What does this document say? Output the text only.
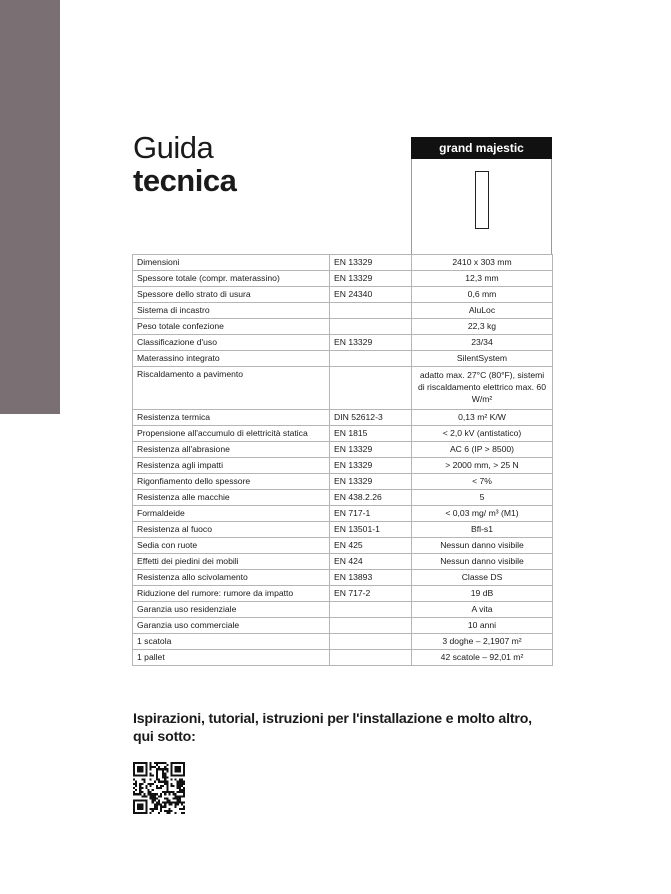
Guida
tecnica
grand majestic
Dimensioni	EN 13329	2410 x 303 mm
Spessore totale (compr. materassino)	EN 13329	12,3 mm
Spessore dello strato di usura	EN 24340	0,6 mm
Sistema di incastro		AluLoc
Peso totale confezione		22,3 kg
Classificazione d'uso	EN 13329	23/34
Materassino integrato		SilentSystem
Riscaldamento a pavimento		adatto max. 27°C (80°F), sistemi di riscaldamento elettrico max. 60 W/m²
Resistenza termica	DIN 52612-3	0,13 m² K/W
Propensione all'accumulo di elettricità statica	EN 1815	< 2,0 kV (antistatico)
Resistenza all'abrasione	EN 13329	AC 6 (IP > 8500)
Resistenza agli impatti	EN 13329	> 2000 mm, > 25 N
Rigonfiamento dello spessore	EN 13329	< 7%
Resistenza alle macchie	EN 438.2.26	5
Formaldeide	EN 717-1	< 0,03 mg/ m³ (M1)
Resistenza al fuoco	EN 13501-1	Bfl-s1
Sedia con ruote	EN 425	Nessun danno visibile
Effetti dei piedini dei mobili	EN 424	Nessun danno visibile
Resistenza allo scivolamento	EN 13893	Classe DS
Riduzione del rumore: rumore da impatto	EN 717-2	19 dB
Garanzia uso residenziale		A vita
Garanzia uso commerciale		10 anni
1 scatola		3 doghe – 2,1907 m²
1 pallet		42 scatole – 92,01 m²
Ispirazioni, tutorial, istruzioni per l'installazione e molto altro, qui sotto:
